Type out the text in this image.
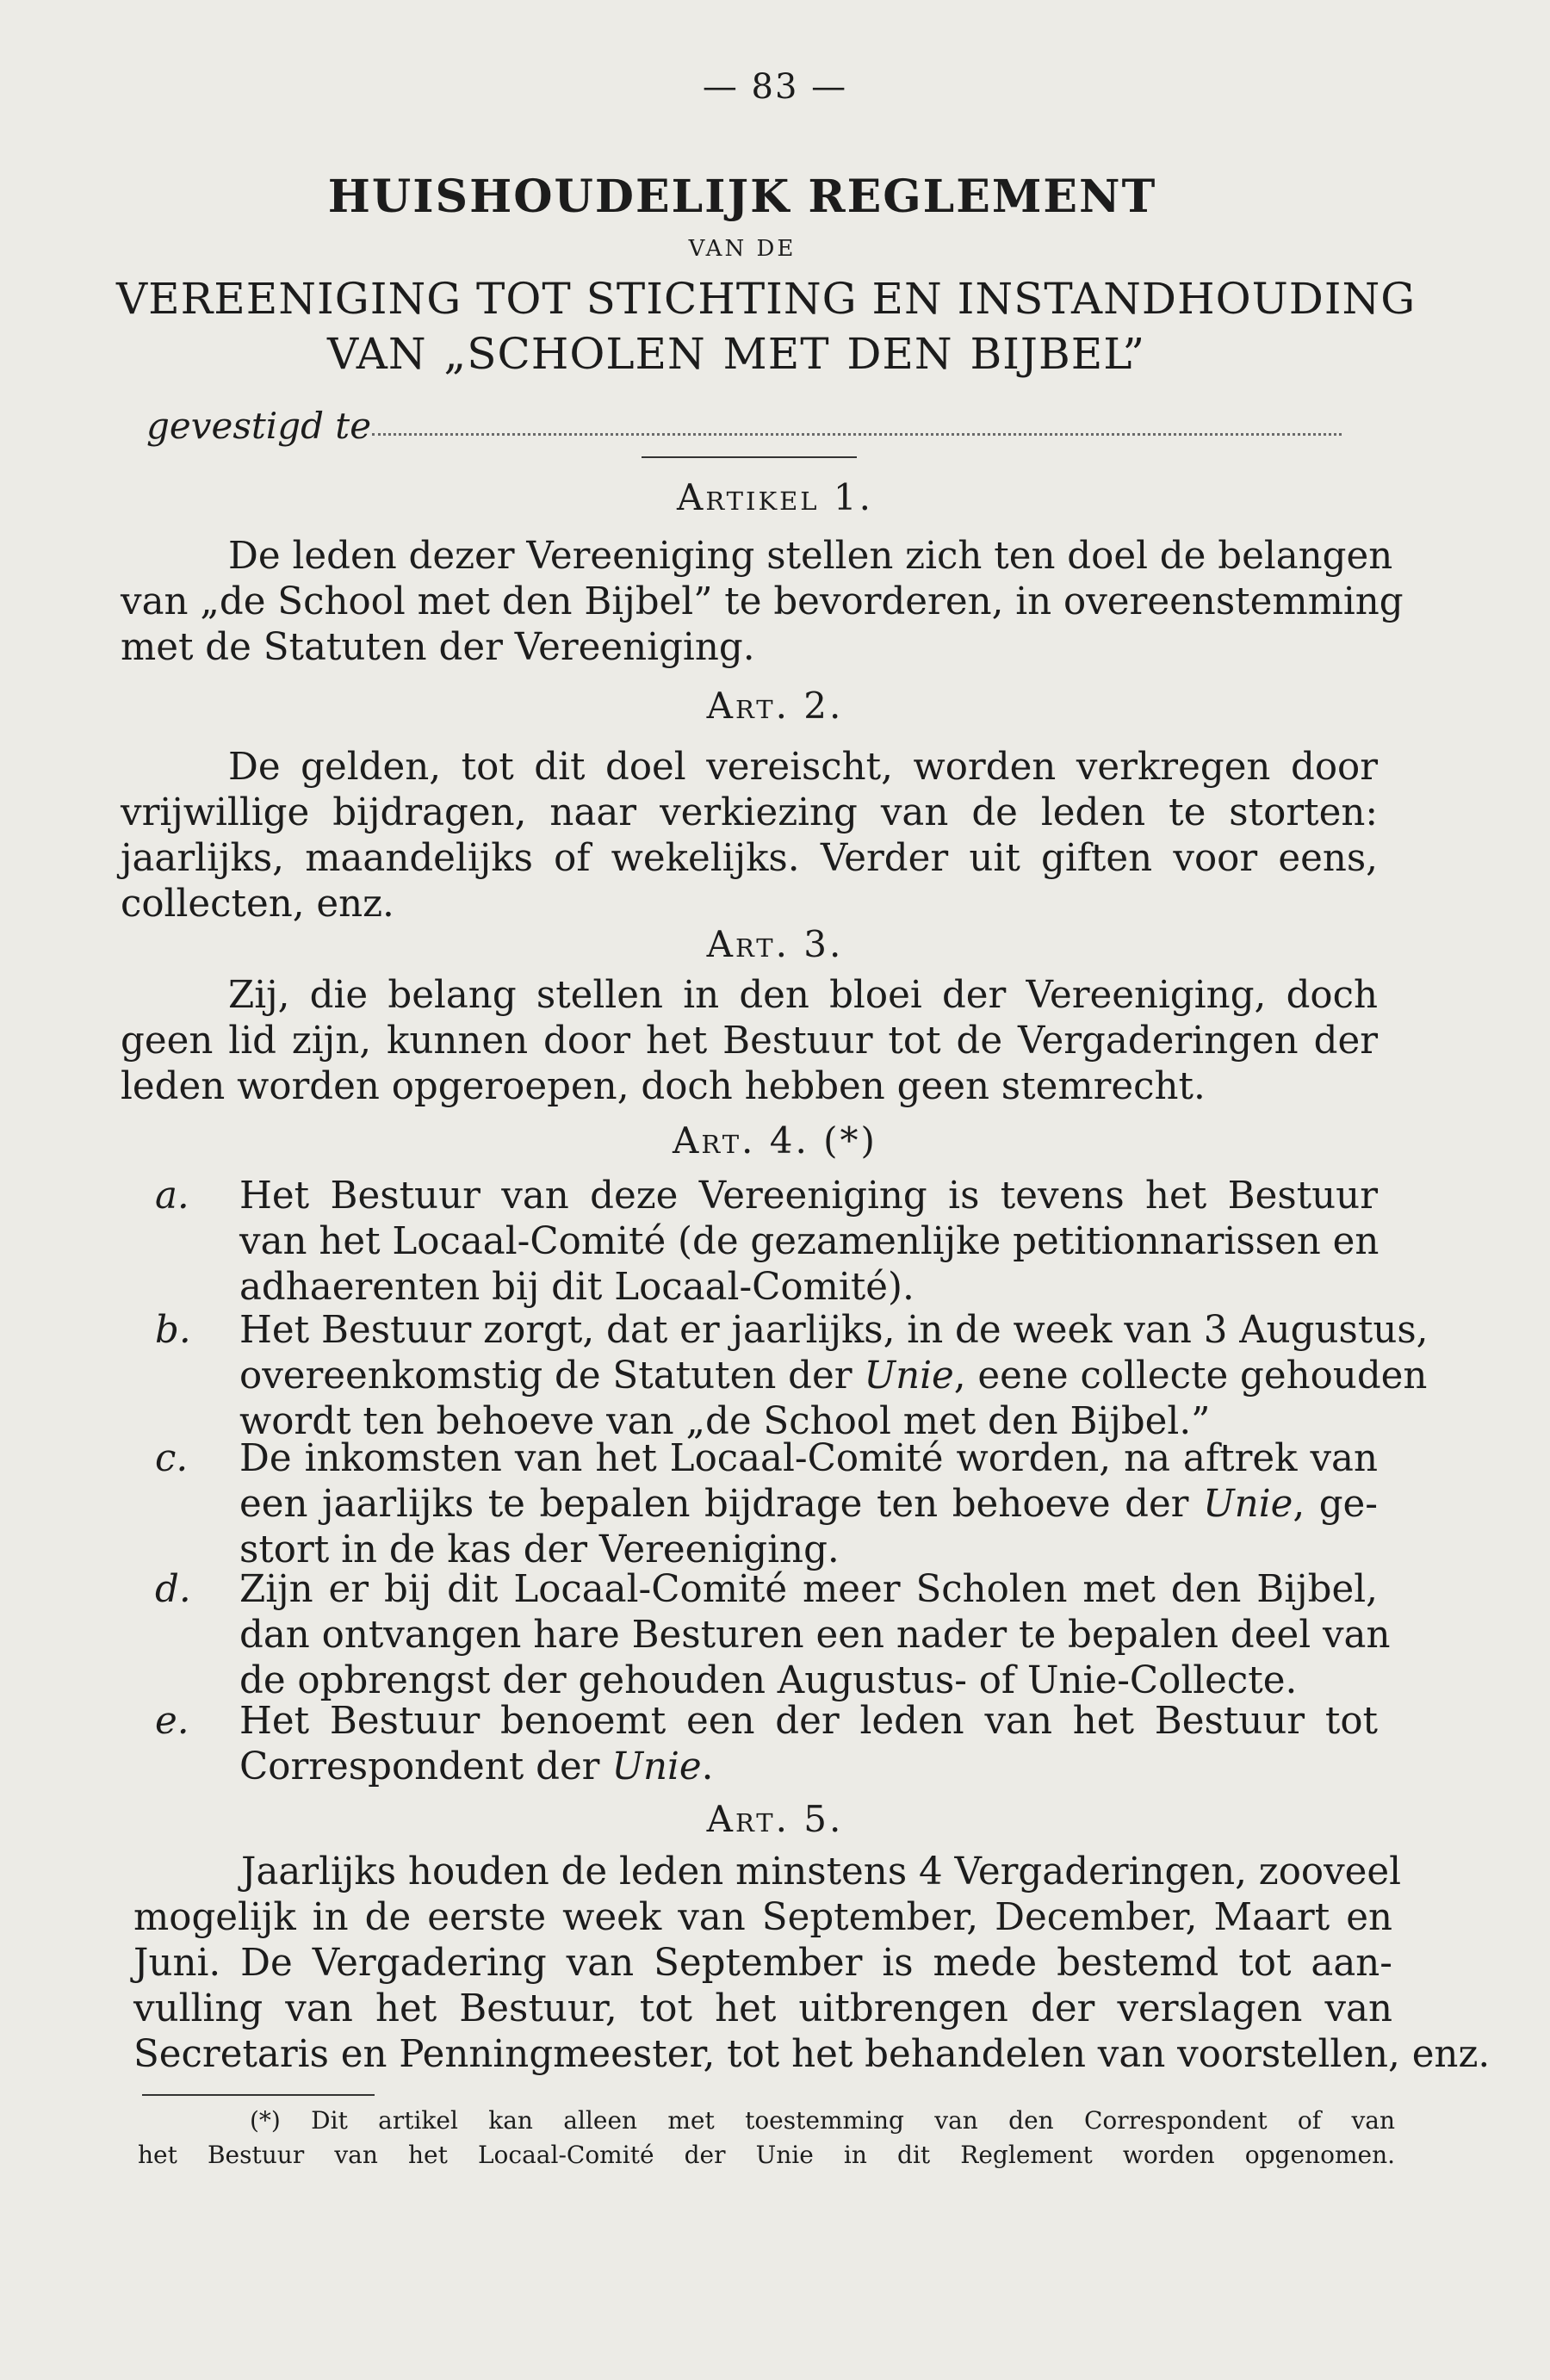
— 83 —
HUISHOUDELIJK REGLEMENT
VAN DE
VEREENIGING TOT STICHTING EN INSTANDHOUDING
VAN „SCHOLEN MET DEN BIJBEL”
gevestigd te
Artikel 1.
De leden dezer Vereeniging stellen zich ten doel de belangen
van „de School met den Bijbel” te bevorderen, in overeenstemming
met de Statuten der Vereeniging.
Art. 2.
De gelden, tot dit doel vereischt, worden verkregen door
vrijwillige bijdragen, naar verkiezing van de leden te storten:
jaarlijks, maandelijks of wekelijks. Verder uit giften voor eens,
collecten, enz.
Art. 3.
Zij, die belang stellen in den bloei der Vereeniging, doch
geen lid zijn, kunnen door het Bestuur tot de Vergaderingen der
leden worden opgeroepen, doch hebben geen stemrecht.
Art. 4. (*)
a. Het Bestuur van deze Vereeniging is tevens het Bestuur
van het Locaal-Comité (de gezamenlijke petitionnarissen en
adhaerenten bij dit Locaal-Comité).
b. Het Bestuur zorgt, dat er jaarlijks, in de week van 3 Augustus,
overeenkomstig de Statuten der Unie, eene collecte gehouden
wordt ten behoeve van „de School met den Bijbel.”
c. De inkomsten van het Locaal-Comité worden, na aftrek van
een jaarlijks te bepalen bijdrage ten behoeve der Unie, ge-
stort in de kas der Vereeniging.
d. Zijn er bij dit Locaal-Comité meer Scholen met den Bijbel,
dan ontvangen hare Besturen een nader te bepalen deel van
de opbrengst der gehouden Augustus- of Unie-Collecte.
e. Het Bestuur benoemt een der leden van het Bestuur tot
Correspondent der Unie.
Art. 5.
Jaarlijks houden de leden minstens 4 Vergaderingen, zooveel
mogelijk in de eerste week van September, December, Maart en
Juni. De Vergadering van September is mede bestemd tot aan-
vulling van het Bestuur, tot het uitbrengen der verslagen van
Secretaris en Penningmeester, tot het behandelen van voorstellen, enz.
(*) Dit artikel kan alleen met toestemming van den Correspondent of van
het Bestuur van het Locaal-Comité der Unie in dit Reglement worden opgenomen.
